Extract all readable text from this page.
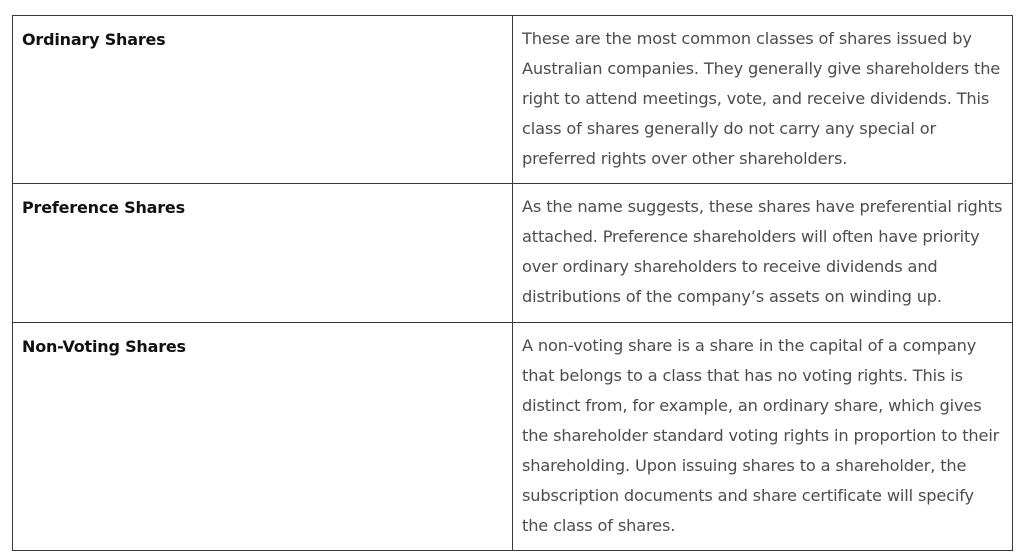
Ordinary Shares	These are the most common classes of shares issued by Australian companies. They generally give shareholders the right to attend meetings, vote, and receive dividends. This class of shares generally do not carry any special or preferred rights over other shareholders.

Preference Shares	As the name suggests, these shares have preferential rights attached. Preference shareholders will often have priority over ordinary shareholders to receive dividends and distributions of the company’s assets on winding up.

Non-Voting Shares	A non-voting share is a share in the capital of a company that belongs to a class that has no voting rights. This is distinct from, for example, an ordinary share, which gives the shareholder standard voting rights in proportion to their shareholding. Upon issuing shares to a shareholder, the subscription documents and share certificate will specify the class of shares.
